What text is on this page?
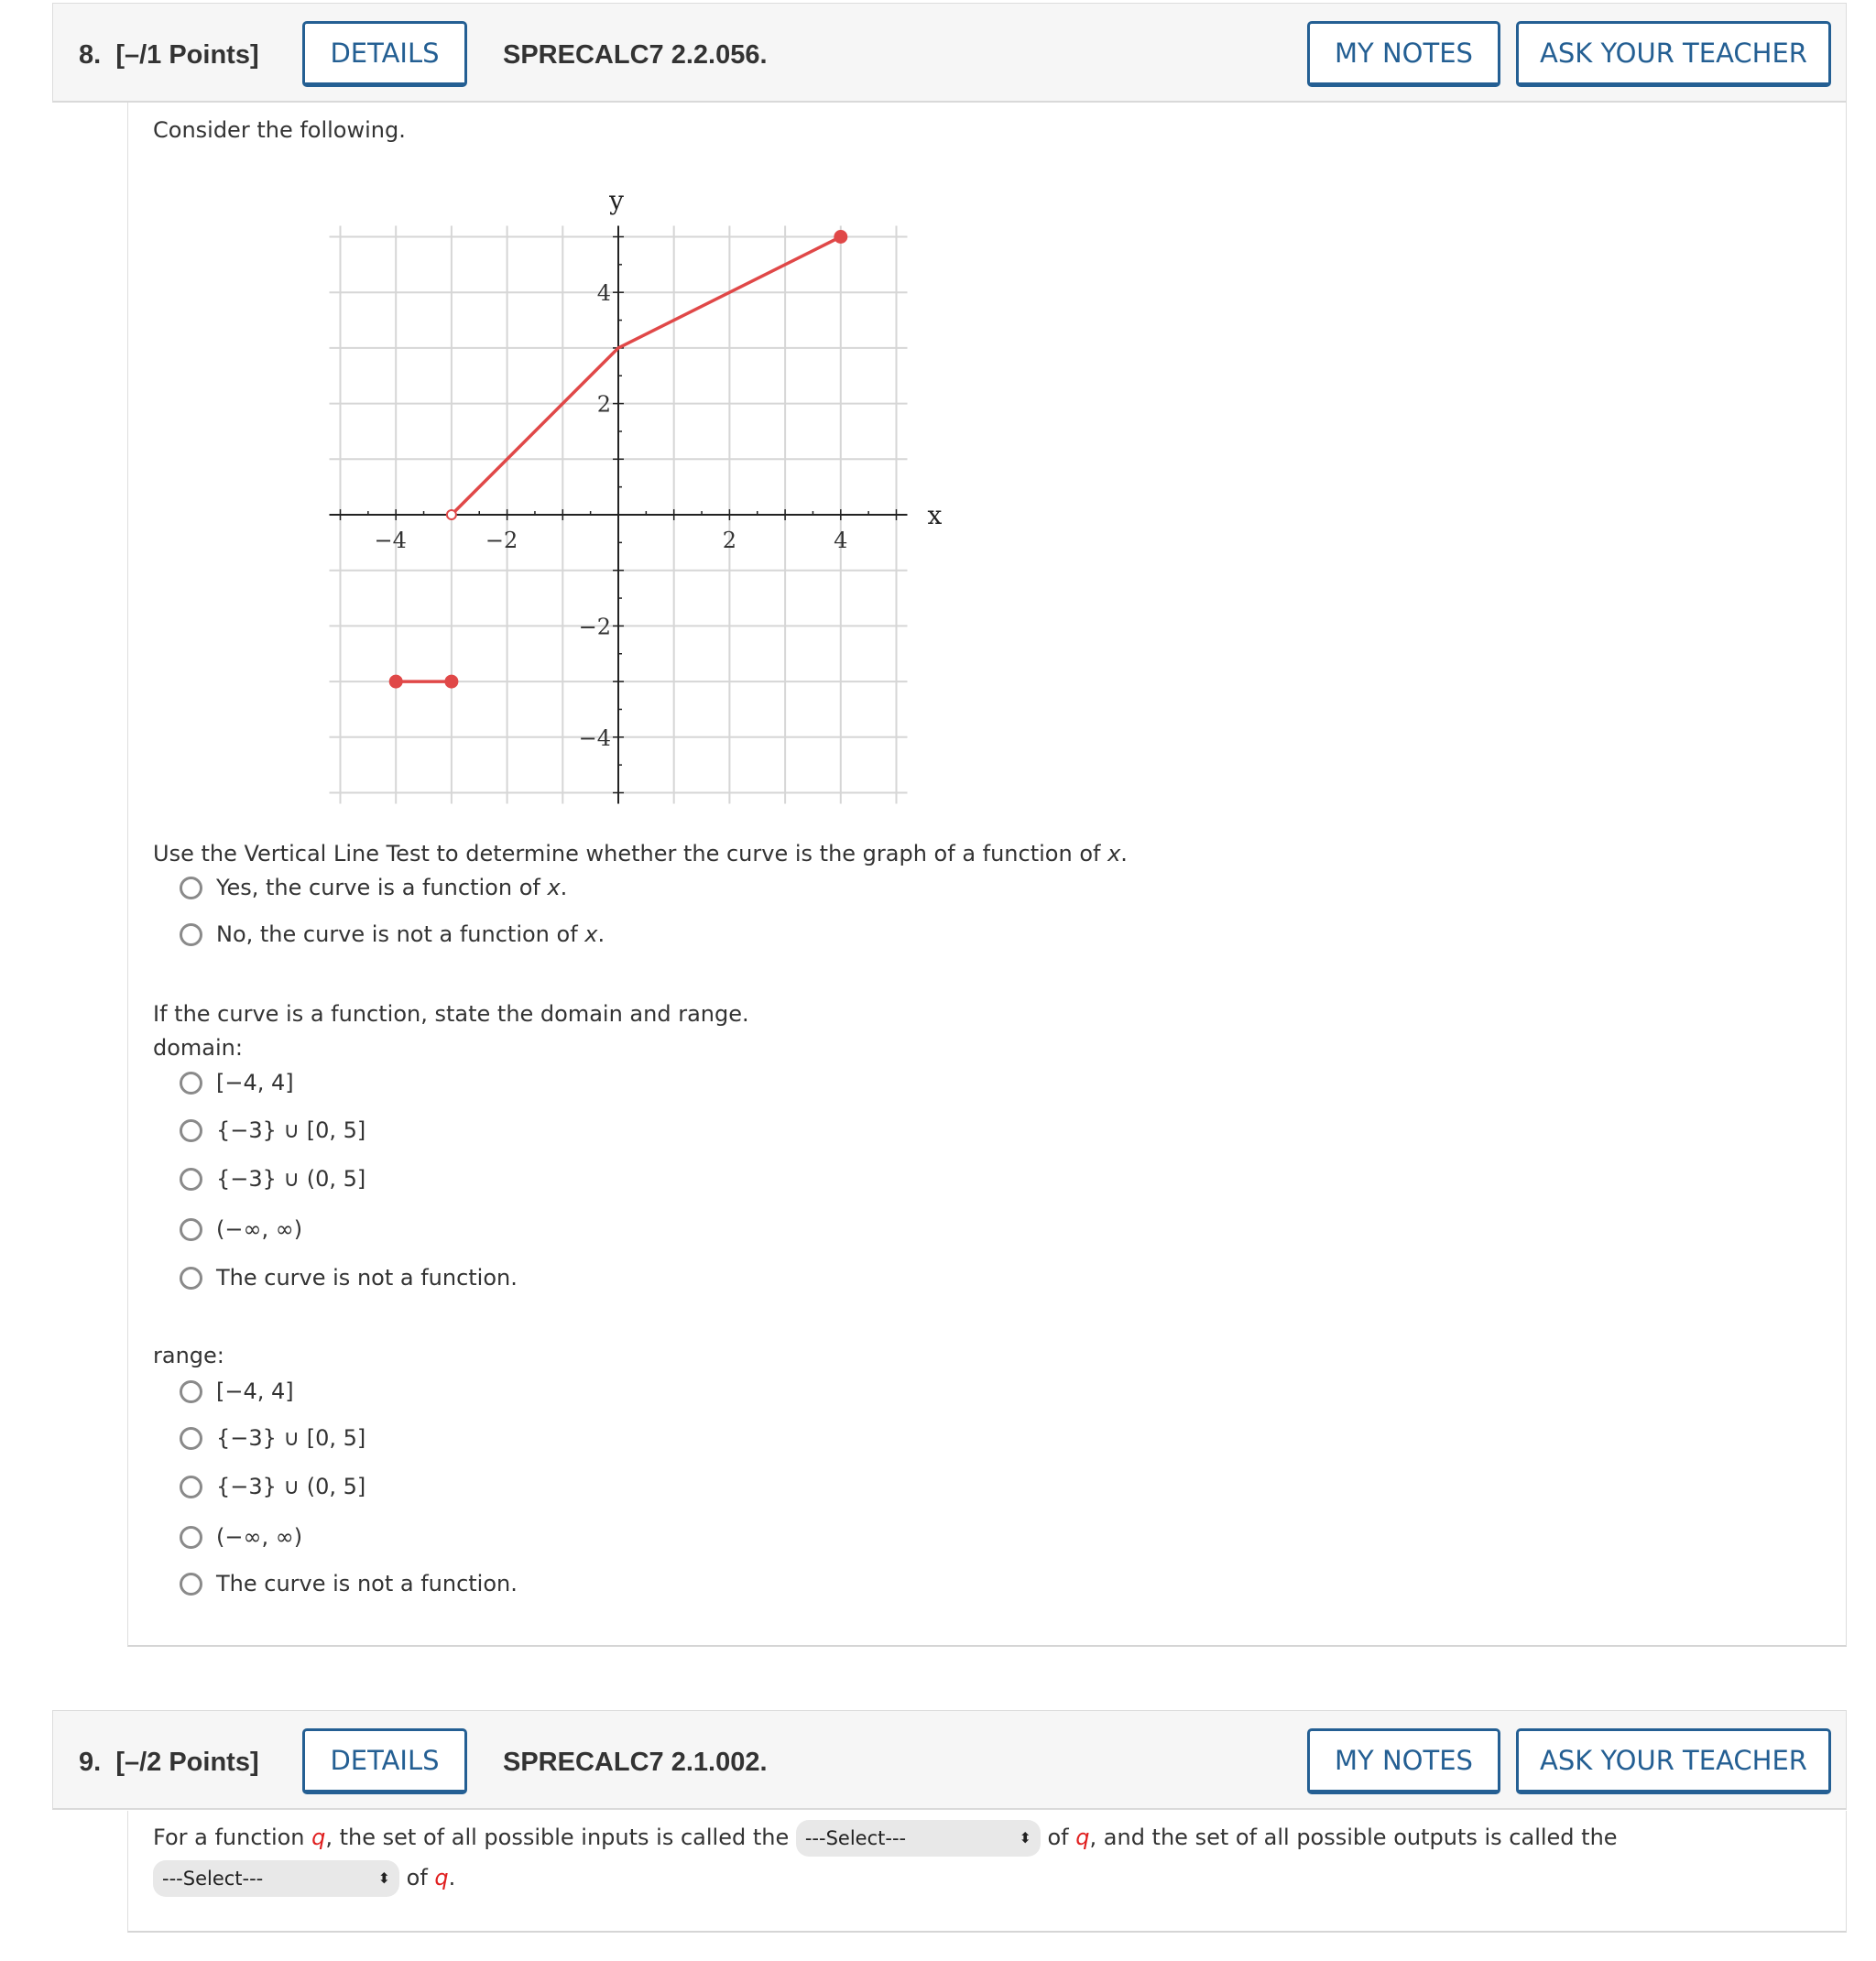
8. [–/1 Points]	DETAILS	SPRECALC7 2.2.056.	MY NOTES	ASK YOUR TEACHER
Consider the following.
−4	−2	2	4
4
2
−2
−4
x
y
Use the Vertical Line Test to determine whether the curve is the graph of a function of x.
Yes, the curve is a function of
x .
No, the curve is not a function of
x .
If the curve is a function, state the domain and range.
domain:
[−4, 4]
{−3} ∪ [0, 5]
{−3} ∪ (0, 5]
(−∞, ∞)
The curve is not a function.
range:
[−4, 4]
{−3} ∪ [0, 5]
{−3} ∪ (0, 5]
(−∞, ∞)
The curve is not a function.
9. [–/2 Points]	DETAILS	SPRECALC7 2.1.002.	MY NOTES	ASK YOUR TEACHER
For a function q, the set of all possible inputs is called the ---Select---	⬍ of q, and the set of all possible outputs is called the
---Select---	⬍ of q.
